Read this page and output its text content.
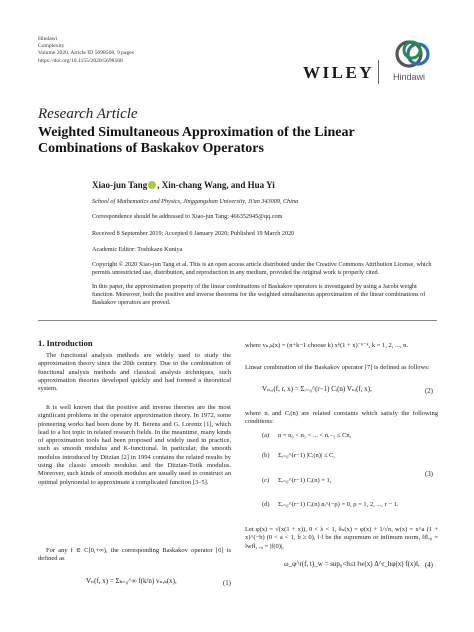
Hindawi
Complexity
Volume 2020, Article ID 5698568, 9 pages
https://doi.org/10.1155/2020/5698568
WILEY Hindawi
Research Article
Weighted Simultaneous Approximation of the Linear Combinations of Baskakov Operators
Xiao-jun Tang , Xin-chang Wang, and Hua Yi
School of Mathematics and Physics, Jinggangshan University, Ji'an 343009, China
Correspondence should be addressed to Xiao-jun Tang; 466352945@qq.com
Received 8 September 2019; Accepted 6 January 2020; Published 19 March 2020
Academic Editor: Toshikazu Kuniya
Copyright © 2020 Xiao-jun Tang et al. This is an open access article distributed under the Creative Commons Attribution License, which permits unrestricted use, distribution, and reproduction in any medium, provided the original work is properly cited.
In this paper, the approximation property of the linear combinations of Baskakov operators is investigated by using a Jacobi weight function. Moreover, both the positive and inverse theorems for the weighted simultaneous approximation of the linear combinations of Baskakov operators are proved.
1. Introduction
The functional analysis methods are widely used to study the approximation theory since the 20th century. Due to the combination of functional analysis methods and classical analysis techniques, such approximation theories developed quickly and had formed a theoretical system.
It is well known that the positive and inverse theories are the most significant problems in the operator approximation theory. In 1972, some pioneering works had been done by H. Berens and G. Lorentz [1], which lead to a hot topic in related research fields. In the meantime, many kinds of approximation tools had been proposed and widely used in practice, such as smooth modulus and K-functional. In particular, the smooth modulus introduced by Ditzian [2] in 1994 contains the related results by using the classic smooth modulus and the Ditzian-Totik modulus. Moreover, such kinds of smooth modulus are usually used to construct an optimal polynomial to approximate a complicated function [3–5].
For any f ∈ C[0,+∞), the corresponding Baskakov operator [6] is defined as
Vₙ(f, x) = Σₖ₌₀^∞ f(k/n) vₙ,ₖ(x),	(1)
where vₙ,ₖ(x) = (n+k−1 choose k) xᵏ(1 + x)⁻ⁿ⁻ᵏ, k = 1, 2, ..., n.
Linear combination of the Baskakov operator [7] is defined as follows:
Vₙ,ᵣ(f, r, x) = Σᵢ₌₀^(r−1) Cᵢ(n) Vₙᵢ(f, x),	(2)
where nᵢ and Cᵢ(n) are related constants which satisfy the following conditions:
(a) n = n₀ < n₁ < ... < nᵣ₋₁ ≤ Cn,
(b) Σᵢ₌₀^(r−1) |Cᵢ(n)| ≤ C,
(c) Σᵢ₌₀^(r−1) Cᵢ(n) = 1,
(d) Σᵢ₌₀^(r−1) Cᵢ(n) nᵢ^(−ρ) = 0, ρ = 1, 2, ..., r − 1.
(3)
Let φ(x) = √(x(1 + x)), 0 < λ < 1, δₙ(x) = φ(x) + 1/√n, w(x) = x^a (1 + x)^(−b) (0 < a < 1, b ≥ 0), ‖·‖ be the supremum or infimum norm, ‖f‖ᵥ₀ = ‖wf‖, ᵥ₀ = |f(0)|,
ω_φ^r(f, t)_w = sup₀<h≤t ‖w(x) Δ^r_hφ(x) f(x)‖, (4)
